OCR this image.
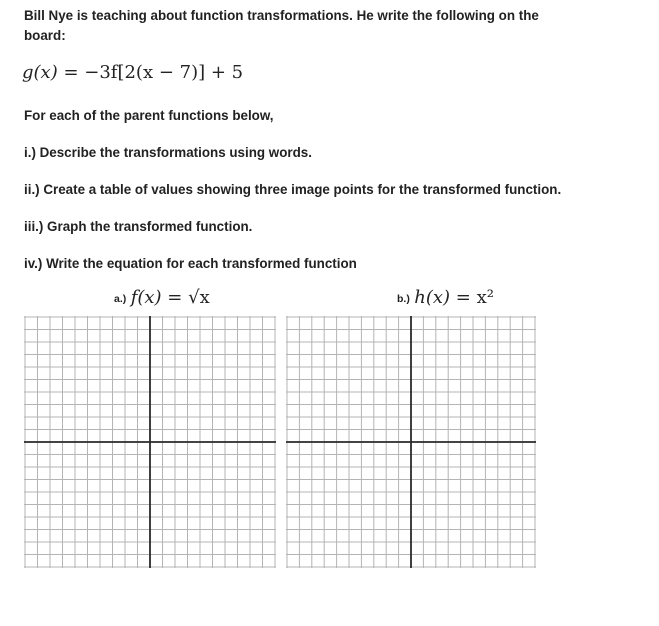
Bill Nye is teaching about function transformations. He write the following on the
board:
g(x) = −3f[2(x − 7)] + 5
For each of the parent functions below,
i.) Describe the transformations using words.
ii.) Create a table of values showing three image points for the transformed function.
iii.) Graph the transformed function.
iv.) Write the equation for each transformed function
a.) f(x) = √x	b.) h(x) = x²
